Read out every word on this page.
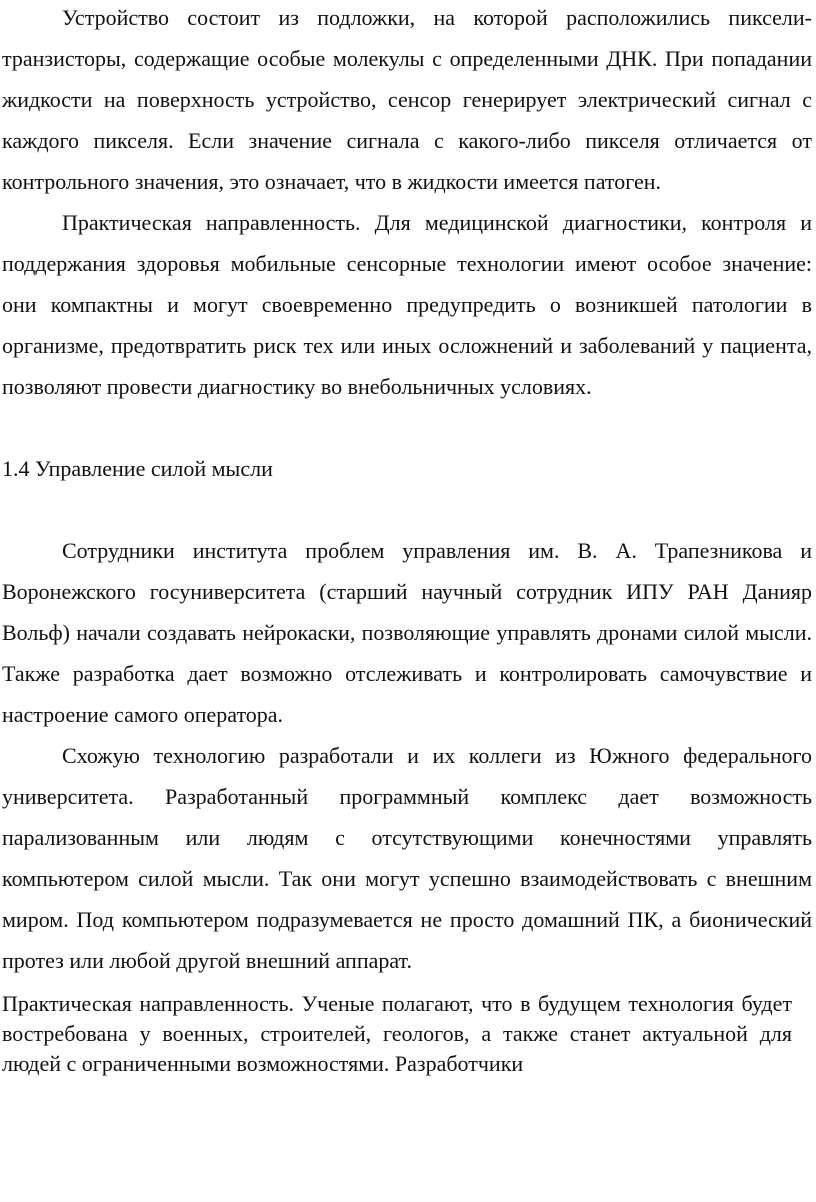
Устройство состоит из подложки, на которой расположились пиксели-транзисторы, содержащие особые молекулы с определенными ДНК. При попадании жидкости на поверхность устройство, сенсор генерирует электрический сигнал с каждого пикселя. Если значение сигнала с какого-либо пикселя отличается от контрольного значения, это означает, что в жидкости имеется патоген.

Практическая направленность. Для медицинской диагностики, контроля и поддержания здоровья мобильные сенсорные технологии имеют особое значение: они компактны и могут своевременно предупредить о возникшей патологии в организме, предотвратить риск тех или иных осложнений и заболеваний у пациента, позволяют провести диагностику во внебольничных условиях.

1.4 Управление силой мысли

Сотрудники института проблем управления им. В. А. Трапезникова и Воронежского госуниверситета (старший научный сотрудник ИПУ РАН Данияр Вольф) начали создавать нейрокаски, позволяющие управлять дронами силой мысли. Также разработка дает возможно отслеживать и контролировать самочувствие и настроение самого оператора.

Схожую технологию разработали и их коллеги из Южного федерального университета. Разработанный программный комплекс дает возможность парализованным или людям с отсутствующими конечностями управлять компьютером силой мысли. Так они могут успешно взаимодействовать с внешним миром. Под компьютером подразумевается не просто домашний ПК, а бионический протез или любой другой внешний аппарат.

Практическая направленность. Ученые полагают, что в будущем технология будет востребована у военных, строителей, геологов, а также станет актуальной для людей с ограниченными возможностями. Разработчики
